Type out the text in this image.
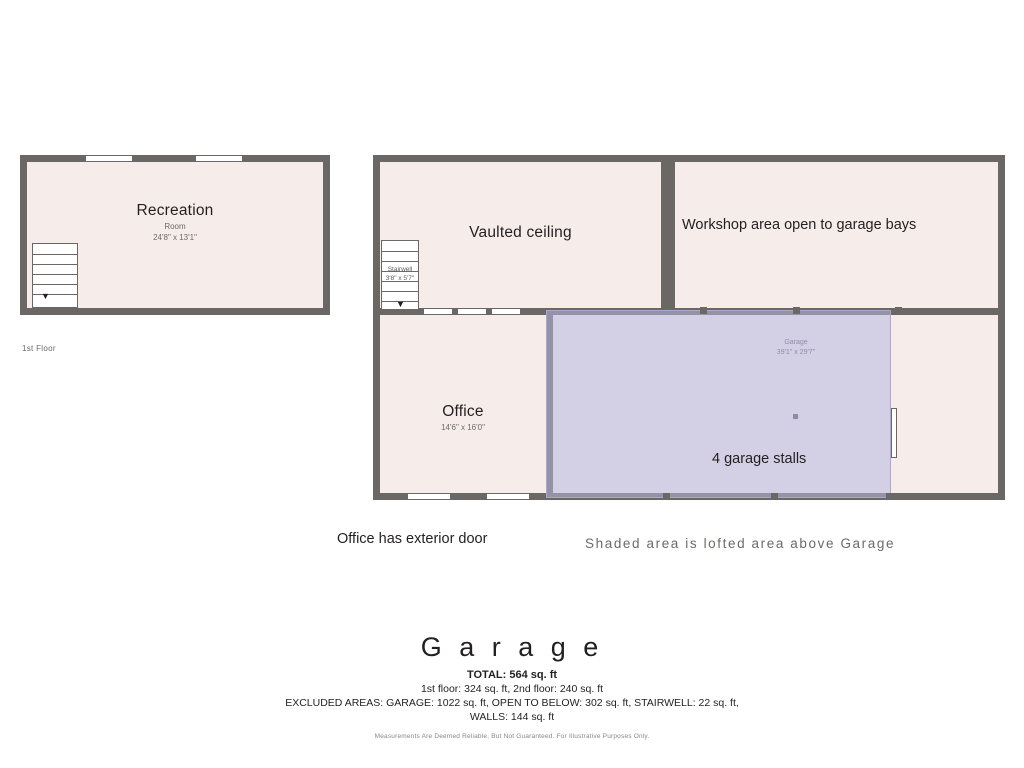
Recreation
Room
24'8" x 13'1"
▼
1st Floor
Vaulted ceiling	Workshop area open to garage bays
Office
14'6" x 16'0"
Stairwell
3'8" x 5'7"
▼
Garage
39'1" x 29'7"
4 garage stalls
Office has exterior door	Shaded area is lofted area above Garage
G a r a g e
TOTAL: 564 sq. ft
1st floor: 324 sq. ft, 2nd floor: 240 sq. ft
EXCLUDED AREAS: GARAGE: 1022 sq. ft, OPEN TO BELOW: 302 sq. ft, STAIRWELL: 22 sq. ft,
WALLS: 144 sq. ft
Measurements Are Deemed Reliable, But Not Guaranteed. For Illustrative Purposes Only.
